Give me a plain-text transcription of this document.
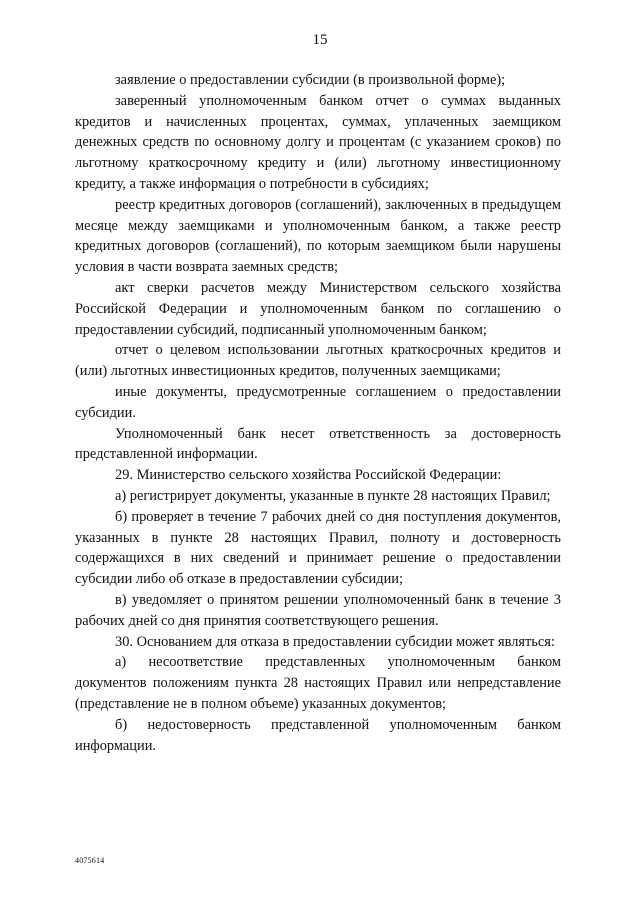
15

заявление о предоставлении субсидии (в произвольной форме);

заверенный уполномоченным банком отчет о суммах выданных кредитов и начисленных процентах, суммах, уплаченных заемщиком денежных средств по основному долгу и процентам (с указанием сроков) по льготному краткосрочному кредиту и (или) льготному инвестиционному кредиту, а также информация о потребности в субсидиях;

реестр кредитных договоров (соглашений), заключенных в предыдущем месяце между заемщиками и уполномоченным банком, а также реестр кредитных договоров (соглашений), по которым заемщиком были нарушены условия в части возврата заемных средств;

акт сверки расчетов между Министерством сельского хозяйства Российской Федерации и уполномоченным банком по соглашению о предоставлении субсидий, подписанный уполномоченным банком;

отчет о целевом использовании льготных краткосрочных кредитов и (или) льготных инвестиционных кредитов, полученных заемщиками;

иные документы, предусмотренные соглашением о предоставлении субсидии.

Уполномоченный банк несет ответственность за достоверность представленной информации.

29. Министерство сельского хозяйства Российской Федерации:

а) регистрирует документы, указанные в пункте 28 настоящих Правил;

б) проверяет в течение 7 рабочих дней со дня поступления документов, указанных в пункте 28 настоящих Правил, полноту и достоверность содержащихся в них сведений и принимает решение о предоставлении субсидии либо об отказе в предоставлении субсидии;

в) уведомляет о принятом решении уполномоченный банк в течение 3 рабочих дней со дня принятия соответствующего решения.

30. Основанием для отказа в предоставлении субсидии может являться:

а) несоответствие представленных уполномоченным банком документов положениям пункта 28 настоящих Правил или непредставление (представление не в полном объеме) указанных документов;

б) недостоверность представленной уполномоченным банком информации.

4075614
